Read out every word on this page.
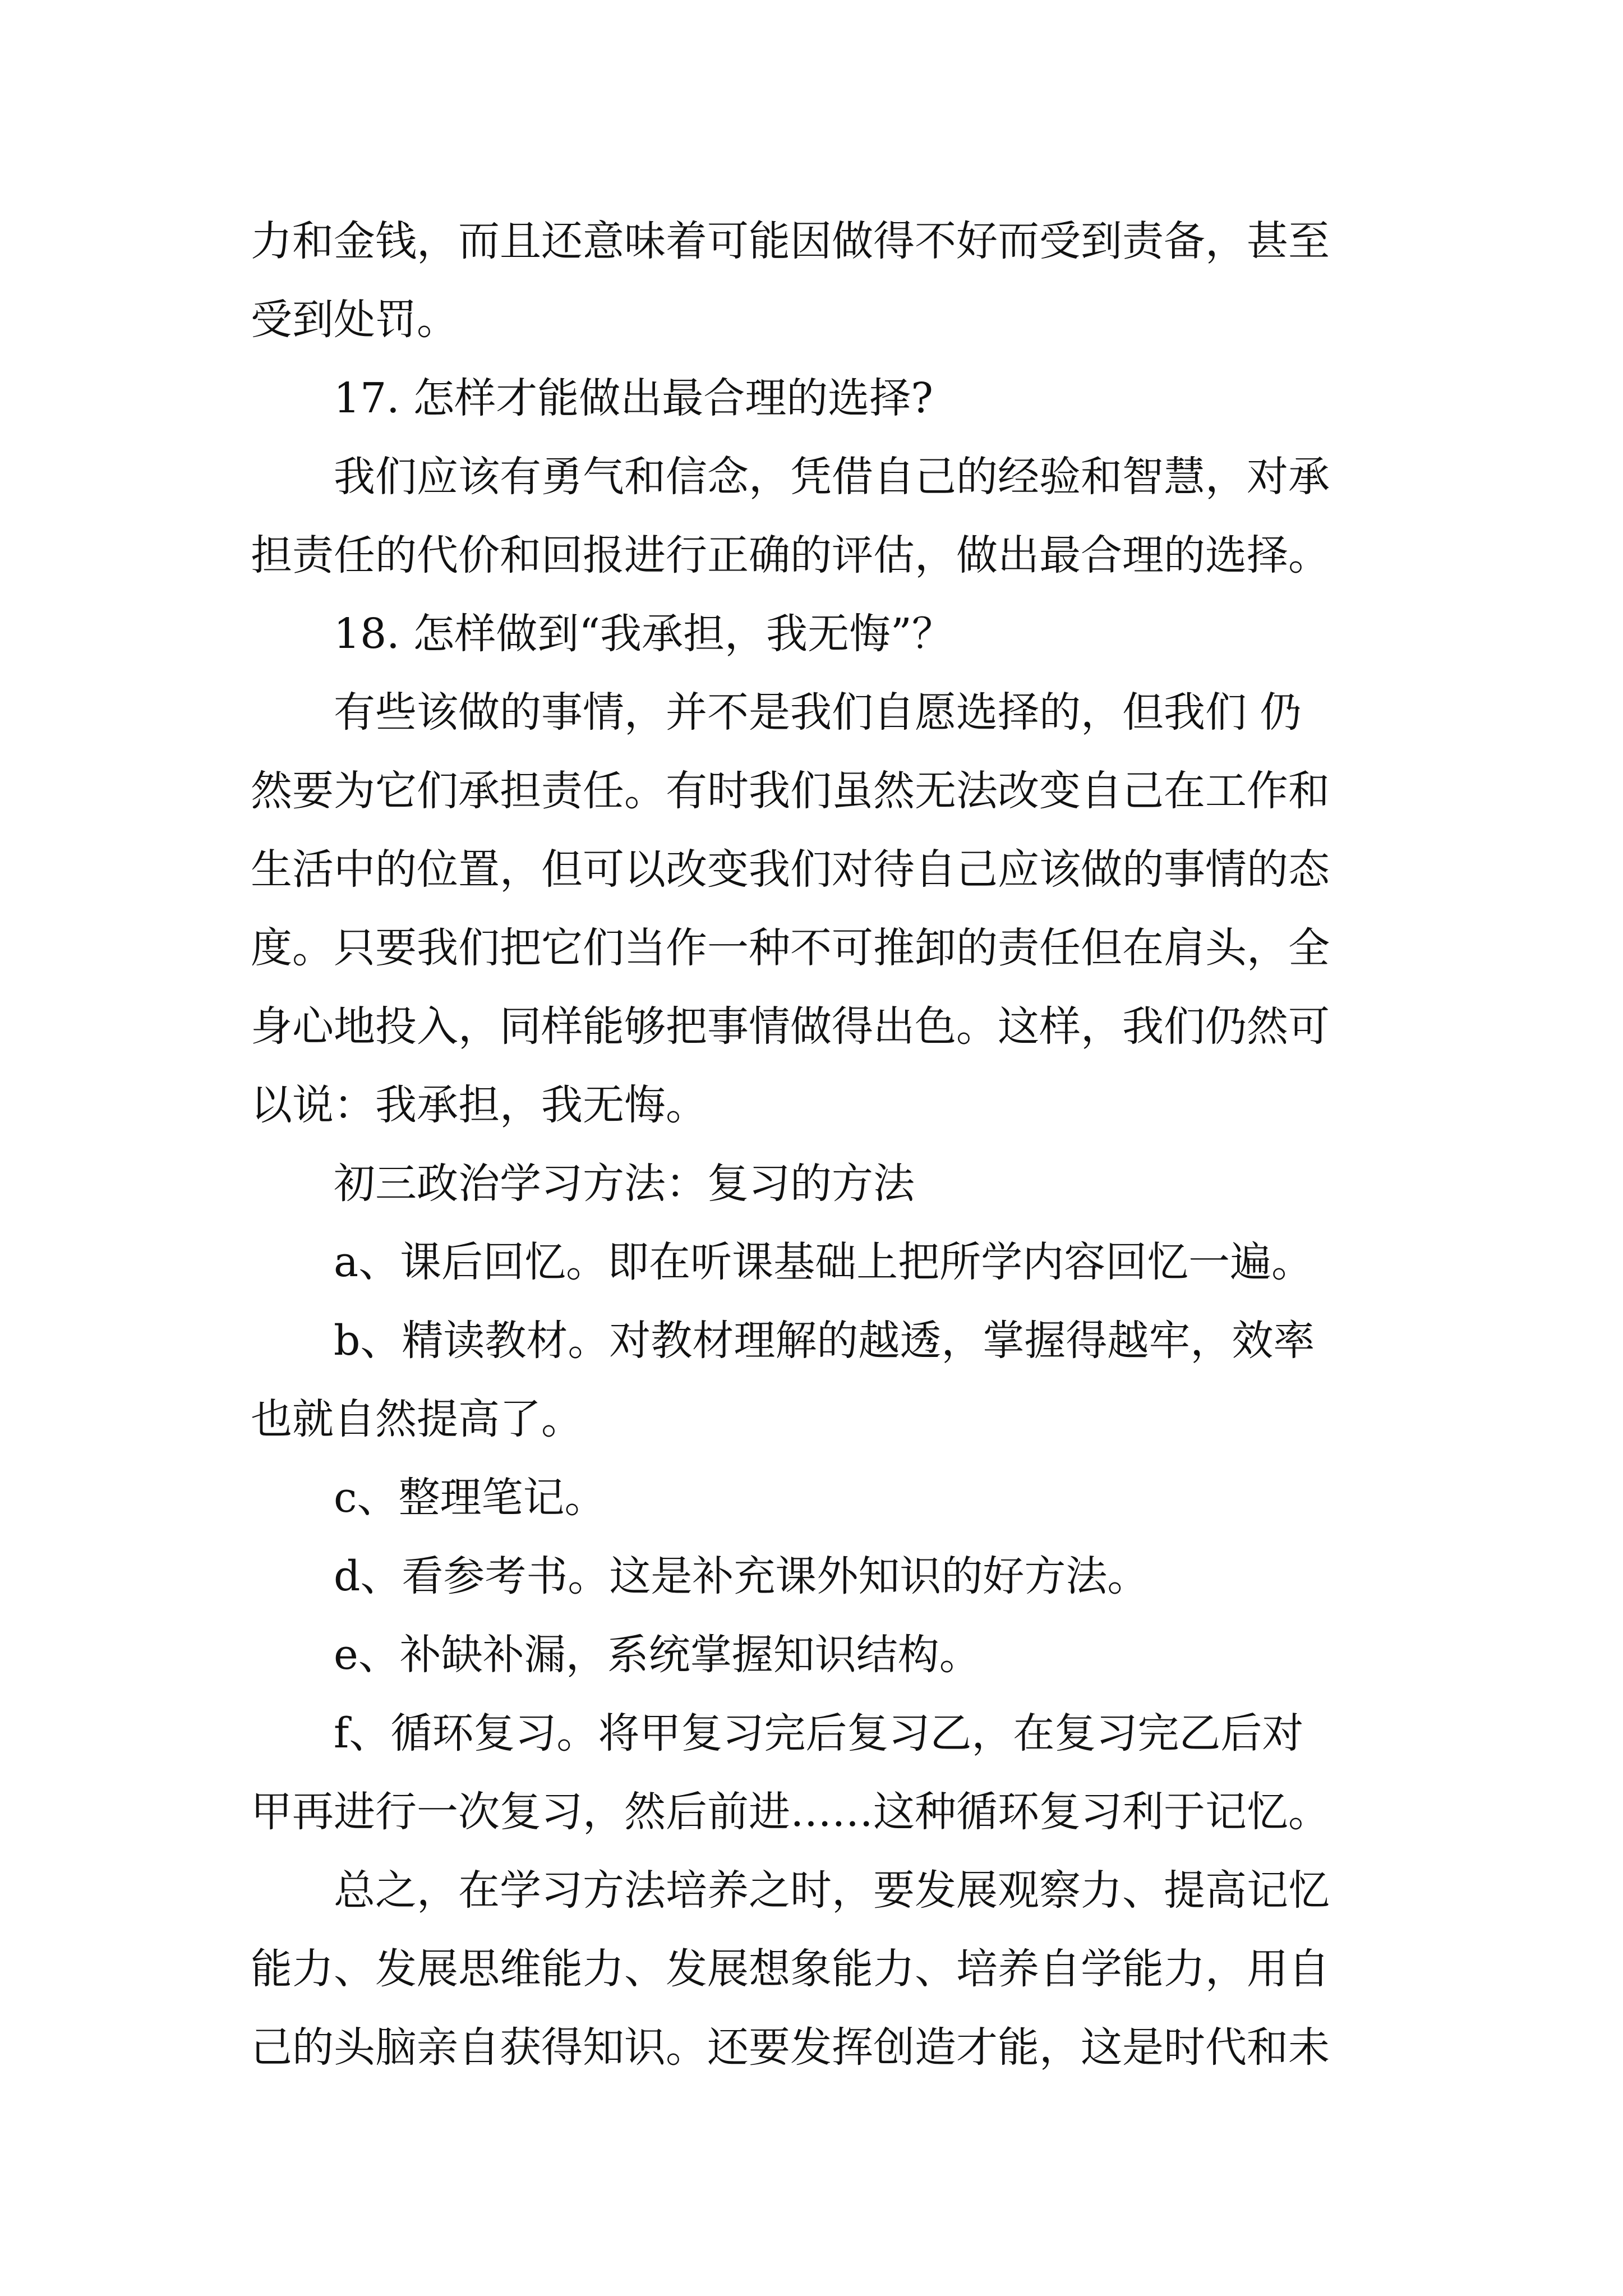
力和金钱，而且还意味着可能因做得不好而受到责备，甚至
受到处罚。
17. 怎样才能做出最合理的选择?
我们应该有勇气和信念，凭借自己的经验和智慧，对承
担责任的代价和回报进行正确的评估，做出最合理的选择。
18. 怎样做到“我承担，我无悔”？
有些该做的事情，并不是我们自愿选择的，但我们 仍
然要为它们承担责任。有时我们虽然无法改变自己在工作和
生活中的位置，但可以改变我们对待自己应该做的事情的态
度。只要我们把它们当作一种不可推卸的责任但在肩头，全
身心地投入，同样能够把事情做得出色。这样，我们仍然可
以说：我承担，我无悔。
初三政治学习方法：复习的方法
a、课后回忆。即在听课基础上把所学内容回忆一遍。
b、精读教材。对教材理解的越透，掌握得越牢，效率
也就自然提高了。
c、整理笔记。
d、看参考书。这是补充课外知识的好方法。
e、补缺补漏，系统掌握知识结构。
f、循环复习。将甲复习完后复习乙，在复习完乙后对
甲再进行一次复习，然后前进……这种循环复习利于记忆。
总之，在学习方法培养之时，要发展观察力、提高记忆
能力、发展思维能力、发展想象能力、培养自学能力，用自
己的头脑亲自获得知识。还要发挥创造才能，这是时代和未
